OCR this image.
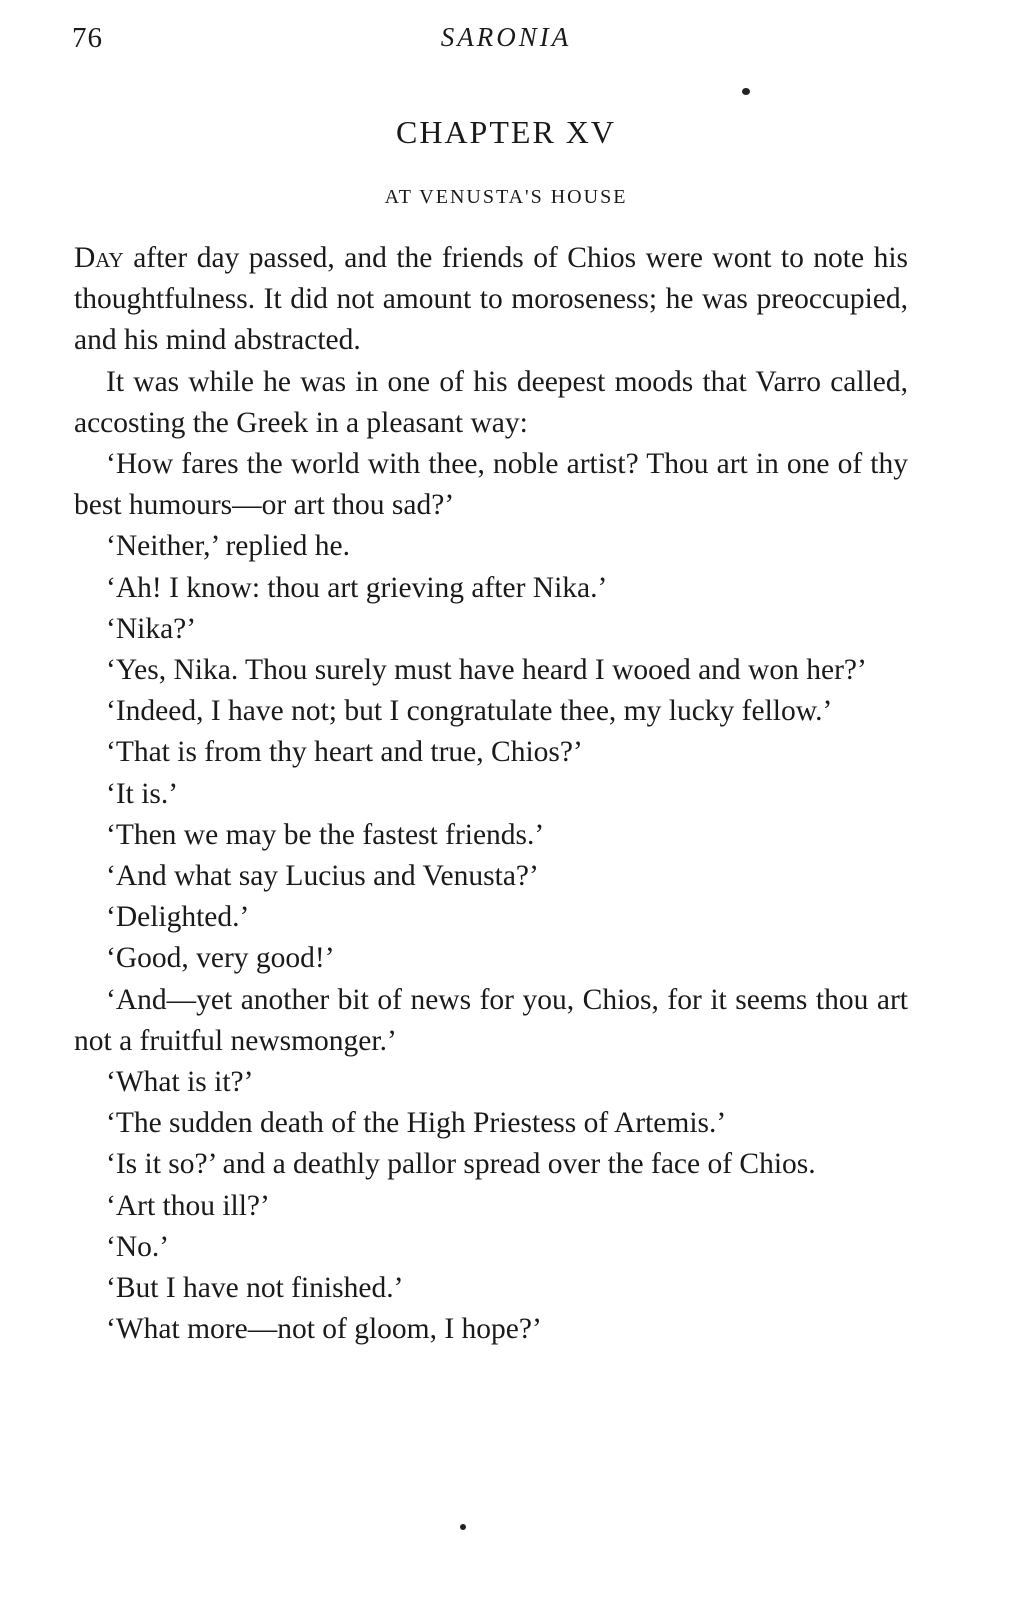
76	SARONIA
CHAPTER XV
AT VENUSTA'S HOUSE

Day after day passed, and the friends of Chios were wont to note his thoughtfulness. It did not amount to moroseness; he was preoccupied, and his mind abstracted.

It was while he was in one of his deepest moods that Varro called, accosting the Greek in a pleasant way:

‘How fares the world with thee, noble artist? Thou art in one of thy best humours—or art thou sad?’

‘Neither,’ replied he.

‘Ah! I know: thou art grieving after Nika.’

‘Nika?’

‘Yes, Nika. Thou surely must have heard I wooed and won her?’

‘Indeed, I have not; but I congratulate thee, my lucky fellow.’

‘That is from thy heart and true, Chios?’

‘It is.’

‘Then we may be the fastest friends.’

‘And what say Lucius and Venusta?’

‘Delighted.’

‘Good, very good!’

‘And—yet another bit of news for you, Chios, for it seems thou art not a fruitful newsmonger.’

‘What is it?’

‘The sudden death of the High Priestess of Artemis.’

‘Is it so?’ and a deathly pallor spread over the face of Chios.

‘Art thou ill?’

‘No.’

‘But I have not finished.’

‘What more—not of gloom, I hope?’
